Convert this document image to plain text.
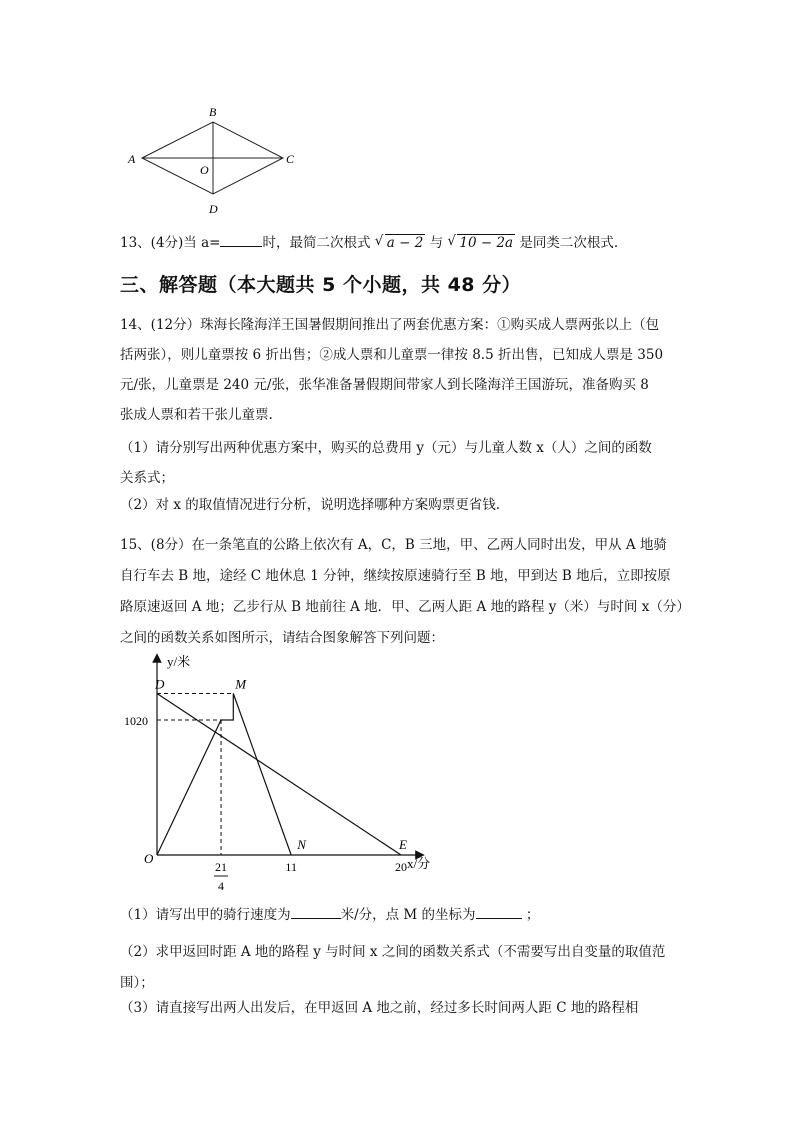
A
B
C
D
O
13、(4分)当 a=	时，最简二次根式 √ a − 2 与 √ 10 − 2a 是同类二次根式.
三、解答题（本大题共 5 个小题，共 48 分）
14、(12分）珠海长隆海洋王国暑假期间推出了两套优惠方案：①购买成人票两张以上（包
括两张），则儿童票按 6 折出售；②成人票和儿童票一律按 8.5 折出售，已知成人票是 350
元/张，儿童票是 240 元/张，张华准备暑假期间带家人到长隆海洋王国游玩，准备购买 8
张成人票和若干张儿童票.
（1）请分别写出两种优惠方案中，购买的总费用 y（元）与儿童人数 x（人）之间的函数
关系式；
（2）对 x 的取值情况进行分析，说明选择哪种方案购票更省钱.
15、(8分）在一条笔直的公路上依次有 A，C，B 三地，甲、乙两人同时出发，甲从 A 地骑
自行车去 B 地，途经 C 地休息 1 分钟，继续按原速骑行至 B 地，甲到达 B 地后，立即按原
路原速返回 A 地；乙步行从 B 地前往 A 地．甲、乙两人距 A 地的路程 y（米）与时间 x（分）
之间的函数关系如图所示，请结合图象解答下列问题：
y/米
x/分
1020
O
D	M
N	E
11	20
21
4
（1）请写出甲的骑行速度为	米/分，点 M 的坐标为	；
（2）求甲返回时距 A 地的路程 y 与时间 x 之间的函数关系式（不需要写出自变量的取值范
围）；
（3）请直接写出两人出发后，在甲返回 A 地之前，经过多长时间两人距 C 地的路程相
